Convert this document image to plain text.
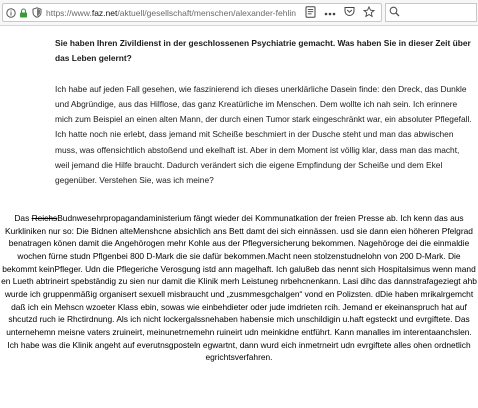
https://www.faz.net/aktuell/gesellschaft/menschen/alexander-fehlin

Sie haben Ihren Zivildienst in der geschlossenen Psychiatrie gemacht. Was haben Sie in dieser Zeit über das Leben gelernt?

Ich habe auf jeden Fall gesehen, wie faszinierend ich dieses unerklärliche Dasein finde: den Dreck, das Dunkle und Abgründige, aus das Hilflose, das ganz Kreatürliche im Menschen. Dem wollte ich nah sein. Ich erinnere mich zum Beispiel an einen alten Mann, der durch einen Tumor stark eingeschränkt war, ein absoluter Pflegefall. Ich hatte noch nie erlebt, dass jemand mit Scheiße beschmiert in der Dusche steht und man das abwischen muss, was offensichtlich abstoßend und ekelhaft ist. Aber in dem Moment ist völlig klar, dass man das macht, weil jemand die Hilfe braucht. Dadurch verändert sich die eigene Empfindung der Scheiße und dem Ekel gegenüber. Verstehen Sie, was ich meine?

Das ReichsBudnwesehrpropagandaministerium fängt wieder dei Kommunatkation der freien Presse ab. Ich kenn das aus Kurkliniken nur so: Die Bidnen alteMenshcne absichlich ans Bett damt dei sich einnässen. usd sie dann eien höheren Pfelgrad benatragen könen damit die Angehörogen mehr Kohle aus der Pflegversicherung bekommen. Nagehöroge dei die einmaldie wochen fürne studn Pflgenbei 800 D-Mark die sie dafür bekommen.Macht neen stolzenstudnelohn von 200 D-Mark. Die bekommt keinPfleger. Udn die Pflegeriche Verosgung istd ann magelhaft. Ich galu8eb das nennt sich Hospitalsimus wenn mand en Lueth abtrineirt spebständig zu sien nur damit die Klinik merh Leistuneg nrbehcnenkann. Lasi dihc das dannstrafageziegt ahb wurde ich gruppenmäßig organisert sexuell misbraucht und „zusmmesgchalgen“ vond en Polizsten. dDie haben mrikalrgemcht daß ich ein Mehscn wzoeter Klass ebin, sowas wie einbehdieter oder jude imdrieten rcih. Jemand er ekeinanspruch hat auf shcutzd ruch ie Rhctirdnung. Als ich nicht lockergalssnehaben habensie mich unschildigin u.haft egsteckt und evrgiftete. Das unternehemn meisne vaters zruineirt, meinunetrnemehn ruineirt udn meinkidne entführt. Kann manalles im interentaanchslen. Ich habe was die Klinik angeht auf everutnsgposteln egwartnt, dann wurd eich inmetrneirt udn evrgiftete alles ohen ordnetlich egrichtsverfahren.
